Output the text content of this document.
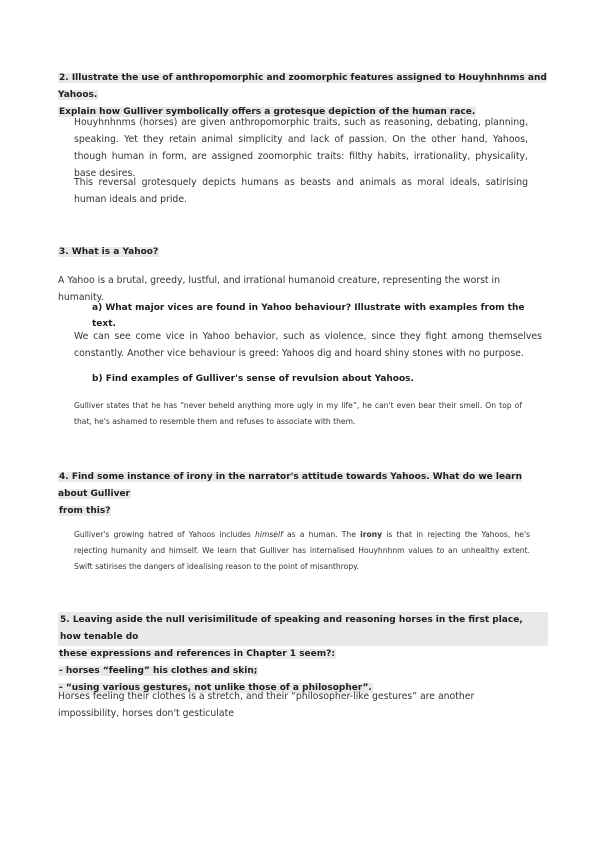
2. Illustrate the use of anthropomorphic and zoomorphic features assigned to Houyhnhnms and Yahoos.
Explain how Gulliver symbolically offers a grotesque depiction of the human race.
Houyhnhnms (horses) are given anthropomorphic traits, such as reasoning, debating, planning, speaking. Yet they retain animal simplicity and lack of passion. On the other hand, Yahoos, though human in form, are assigned zoomorphic traits: filthy habits, irrationality, physicality, base desires.
This reversal grotesquely depicts humans as beasts and animals as moral ideals, satirising human ideals and pride.
3. What is a Yahoo?
A Yahoo is a brutal, greedy, lustful, and irrational humanoid creature, representing the worst in humanity.
a) What major vices are found in Yahoo behaviour? Illustrate with examples from the text.
We can see come vice in Yahoo behavior, such as violence, since they fight among themselves constantly. Another vice behaviour is greed: Yahoos dig and hoard shiny stones with no purpose.
b) Find examples of Gulliver's sense of revulsion about Yahoos.
Gulliver states that he has “never beheld anything more ugly in my life”, he can't even bear their smell. On top of that, he's ashamed to resemble them and refuses to associate with them.
4. Find some instance of irony in the narrator's attitude towards Yahoos. What do we learn about Gulliver
from this?
Gulliver's growing hatred of Yahoos includes himself as a human. The irony is that in rejecting the Yahoos, he's rejecting humanity and himself. We learn that Gulliver has internalised Houyhnhnm values to an unhealthy extent. Swift satirises the dangers of idealising reason to the point of misanthropy.
5. Leaving aside the null verisimilitude of speaking and reasoning horses in the first place, how tenable do
these expressions and references in Chapter 1 seem?:
- horses “feeling” his clothes and skin;
- “using various gestures, not unlike those of a philosopher”.
Horses feeling their clothes is a stretch, and their “philosopher-like gestures” are another impossibility, horses don't gesticulate
